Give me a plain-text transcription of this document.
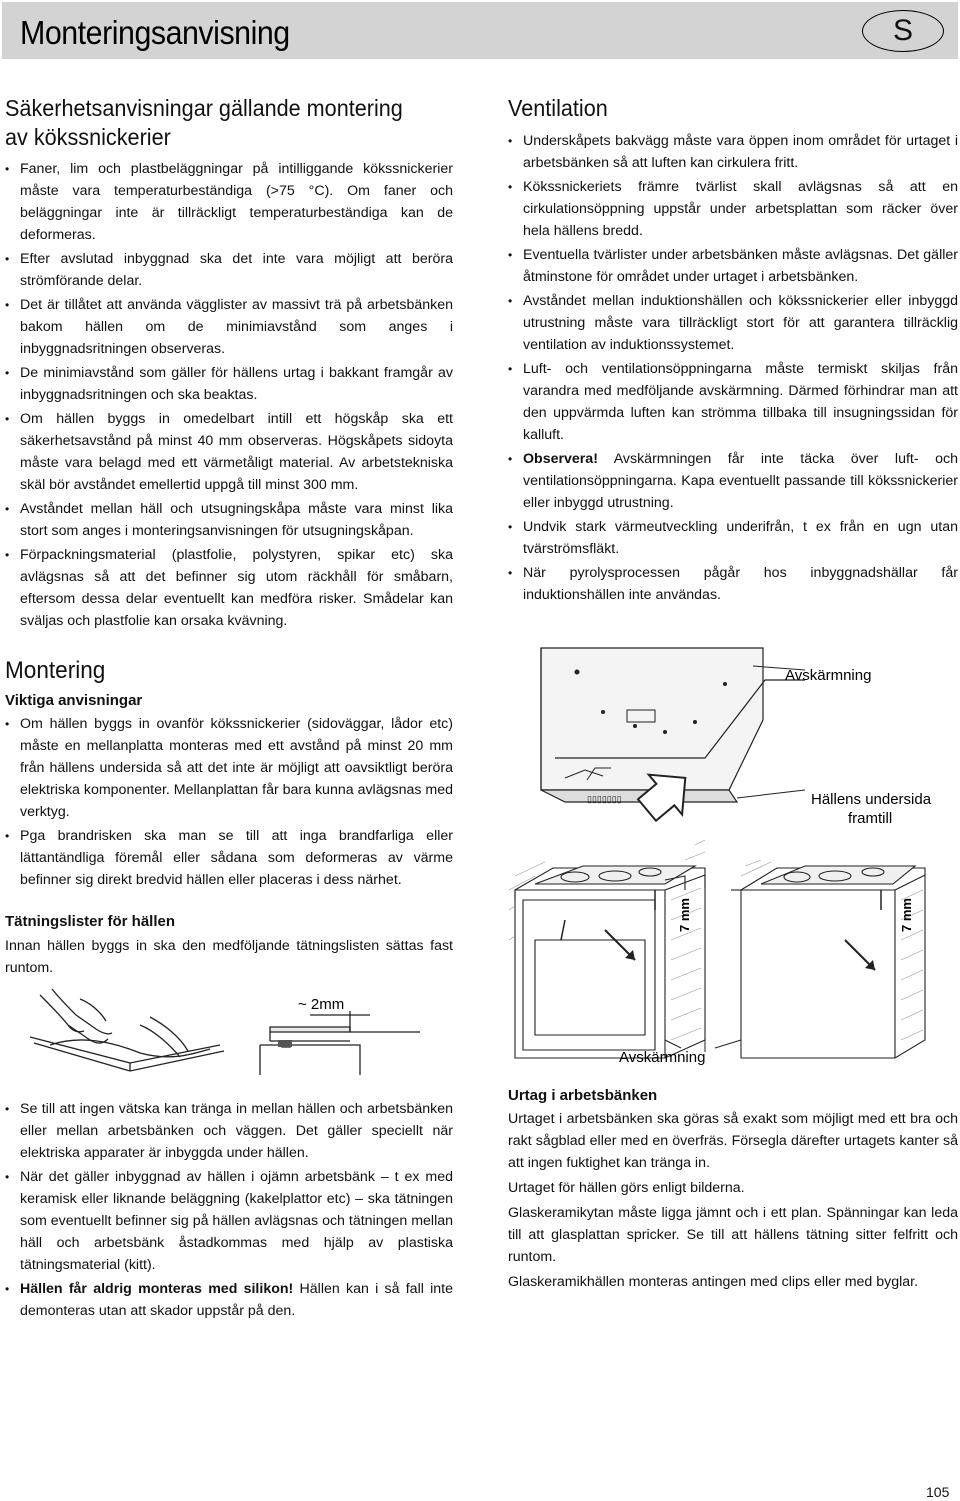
Monteringsanvisning	S
Säkerhetsanvisningar gällande montering
av kökssnickerier
• Faner, lim och plastbeläggningar på intilliggande kökssnickerier måste vara temperaturbeständiga (>75 °C). Om faner och beläggningar inte är tillräckligt temperaturbeständiga kan de deformeras.
• Efter avslutad inbyggnad ska det inte vara möjligt att beröra strömförande delar.
• Det är tillåtet att använda vägglister av massivt trä på arbetsbänken bakom hällen om de minimiavstånd som anges i inbyggnadsritningen observeras.
• De minimiavstånd som gäller för hällens urtag i bakkant framgår av inbyggnadsritningen och ska beaktas.
• Om hällen byggs in omedelbart intill ett högskåp ska ett säkerhetsavstånd på minst 40 mm observeras. Högskåpets sidoyta måste vara belagd med ett värmetåligt material. Av arbetstekniska skäl bör avståndet emellertid uppgå till minst 300 mm.
• Avståndet mellan häll och utsugningskåpa måste vara minst lika stort som anges i monteringsanvisningen för utsugningskåpan.
• Förpackningsmaterial (plastfolie, polystyren, spikar etc) ska avlägsnas så att det befinner sig utom räckhåll för småbarn, eftersom dessa delar eventuellt kan medföra risker. Smådelar kan sväljas och plastfolie kan orsaka kvävning.
Montering
Viktiga anvisningar
• Om hällen byggs in ovanför kökssnickerier (sidoväggar, lådor etc) måste en mellanplatta monteras med ett avstånd på minst 20 mm från hällens undersida så att det inte är möjligt att oavsiktligt beröra elektriska komponenter. Mellanplattan får bara kunna avlägsnas med verktyg.
• Pga brandrisken ska man se till att inga brandfarliga eller lättantändliga föremål eller sådana som deformeras av värme befinner sig direkt bredvid hällen eller placeras i dess närhet.
Tätningslister för hällen

Innan hällen byggs in ska den medföljande tätningslisten sättas fast runtom.

~ 2mm
• Se till att ingen vätska kan tränga in mellan hällen och arbetsbänken eller mellan arbetsbänken och väggen. Det gäller speciellt när elektriska apparater är inbyggda under hällen.
• När det gäller inbyggnad av hällen i ojämn arbetsbänk – t ex med keramisk eller liknande beläggning (kakelplattor etc) – ska tätningen som eventuellt befinner sig på hällen avlägsnas och tätningen mellan häll och arbetsbänk åstadkommas med hjälp av plastiska tätningsmaterial (kitt).
• Hällen får aldrig monteras med silikon! Hällen kan i så fall inte demonteras utan att skador uppstår på den.
Ventilation
• Underskåpets bakvägg måste vara öppen inom området för urtaget i arbetsbänken så att luften kan cirkulera fritt.
• Kökssnickeriets främre tvärlist skall avlägsnas så att en cirkulationsöppning uppstår under arbetsplattan som räcker över hela hällens bredd.
• Eventuella tvärlister under arbetsbänken måste avlägsnas. Det gäller åtminstone för området under urtaget i arbetsbänken.
• Avståndet mellan induktionshällen och kökssnickerier eller inbyggd utrustning måste vara tillräckligt stort för att garantera tillräcklig ventilation av induktionssystemet.
• Luft- och ventilationsöppningarna måste termiskt skiljas från varandra med medföljande avskärmning. Därmed förhindrar man att den uppvärmda luften kan strömma tillbaka till insugningssidan för kalluft.
• Observera! Avskärmningen får inte täcka över luft- och ventilationsöppningarna. Kapa eventuellt passande till kökssnickerier eller inbyggd utrustning.
• Undvik stark värmeutveckling underifrån, t ex från en ugn utan tvärströmsfläkt.
• När pyrolysprocessen pågår hos inbyggnadshällar får induktionshällen inte användas.
▯▯▯▯▯▯▯
Avskärmning
Hällens undersida
framtill
7 mm	7 mm
Avskärmning
Urtag i arbetsbänken

Urtaget i arbetsbänken ska göras så exakt som möjligt med ett bra och rakt sågblad eller med en överfräs. Försegla därefter urtagets kanter så att ingen fuktighet kan tränga in.

Urtaget för hällen görs enligt bilderna.

Glaskeramikytan måste ligga jämnt och i ett plan. Spänningar kan leda till att glasplattan spricker. Se till att hällens tätning sitter felfritt och runtom.

Glaskeramikhällen monteras antingen med clips eller med byglar.

105
